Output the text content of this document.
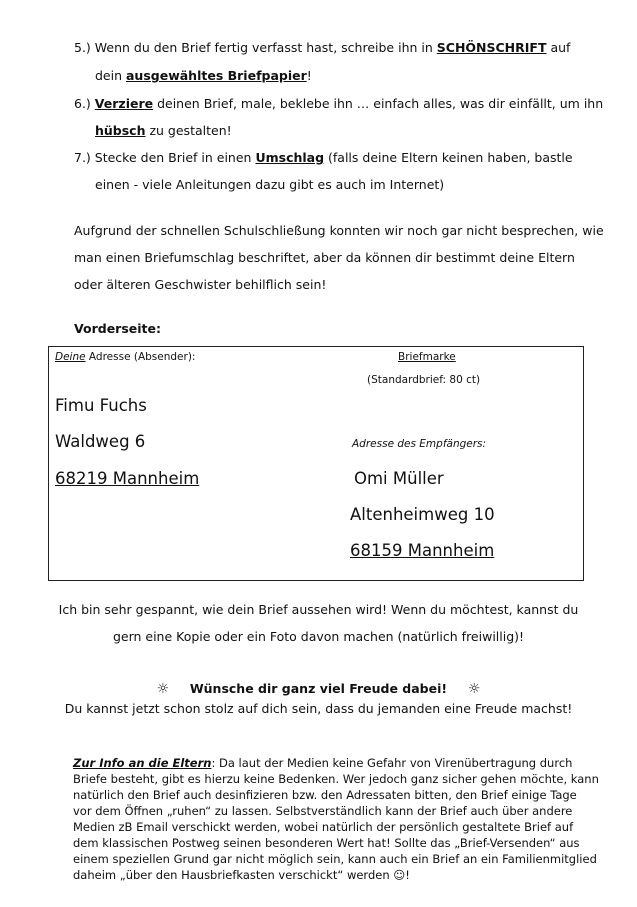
5.) Wenn du den Brief fertig verfasst hast, schreibe ihn in SCHÖNSCHRIFT auf
dein ausgewähltes Briefpapier!
6.) Verziere deinen Brief, male, beklebe ihn … einfach alles, was dir einfällt, um ihn
hübsch zu gestalten!
7.) Stecke den Brief in einen Umschlag (falls deine Eltern keinen haben, bastle
einen - viele Anleitungen dazu gibt es auch im Internet)
Aufgrund der schnellen Schulschließung konnten wir noch gar nicht besprechen, wie
man einen Briefumschlag beschriftet, aber da können dir bestimmt deine Eltern
oder älteren Geschwister behilflich sein!
Vorderseite:
Deine Adresse (Absender):	Briefmarke
(Standardbrief: 80 ct)
Fimu Fuchs
Waldweg 6
68219 Mannheim
Adresse des Empfängers:
Omi Müller
Altenheimweg 10
68159 Mannheim
Ich bin sehr gespannt, wie dein Brief aussehen wird! Wenn du möchtest, kannst du
gern eine Kopie oder ein Foto davon machen (natürlich freiwillig)!
☼ Wünsche dir ganz viel Freude dabei! ☼
Du kannst jetzt schon stolz auf dich sein, dass du jemanden eine Freude machst!
Zur Info an die Eltern: Da laut der Medien keine Gefahr von Virenübertragung durch
Briefe besteht, gibt es hierzu keine Bedenken. Wer jedoch ganz sicher gehen möchte, kann
natürlich den Brief auch desinfizieren bzw. den Adressaten bitten, den Brief einige Tage
vor dem Öffnen „ruhen“ zu lassen. Selbstverständlich kann der Brief auch über andere
Medien zB Email verschickt werden, wobei natürlich der persönlich gestaltete Brief auf
dem klassischen Postweg seinen besonderen Wert hat! Sollte das „Brief-Versenden“ aus
einem speziellen Grund gar nicht möglich sein, kann auch ein Brief an ein Familienmitglied
daheim „über den Hausbriefkasten verschickt“ werden ☺!
